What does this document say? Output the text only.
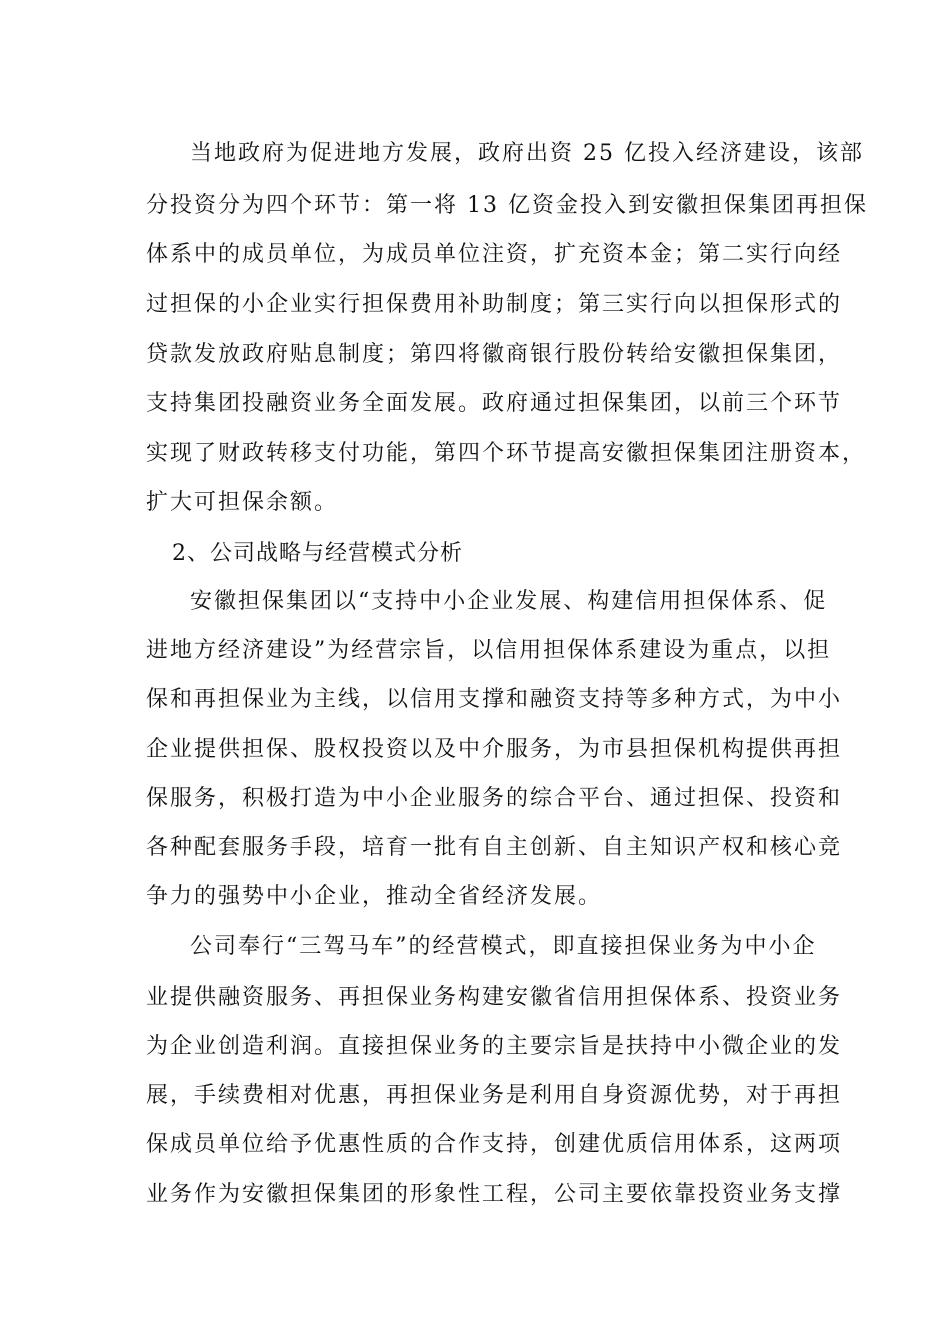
当地政府为促进地方发展，政府出资 25 亿投入经济建设，该部
分投资分为四个环节：第一将 13 亿资金投入到安徽担保集团再担保
体系中的成员单位，为成员单位注资，扩充资本金；第二实行向经
过担保的小企业实行担保费用补助制度；第三实行向以担保形式的
贷款发放政府贴息制度；第四将徽商银行股份转给安徽担保集团，
支持集团投融资业务全面发展。政府通过担保集团，以前三个环节
实现了财政转移支付功能，第四个环节提高安徽担保集团注册资本，
扩大可担保余额。
2、公司战略与经营模式分析
安徽担保集团以“支持中小企业发展、构建信用担保体系、促
进地方经济建设”为经营宗旨，以信用担保体系建设为重点，以担
保和再担保业为主线，以信用支撑和融资支持等多种方式，为中小
企业提供担保、股权投资以及中介服务，为市县担保机构提供再担
保服务，积极打造为中小企业服务的综合平台、通过担保、投资和
各种配套服务手段，培育一批有自主创新、自主知识产权和核心竞
争力的强势中小企业，推动全省经济发展。
公司奉行“三驾马车”的经营模式，即直接担保业务为中小企
业提供融资服务、再担保业务构建安徽省信用担保体系、投资业务
为企业创造利润。直接担保业务的主要宗旨是扶持中小微企业的发
展，手续费相对优惠，再担保业务是利用自身资源优势，对于再担
保成员单位给予优惠性质的合作支持，创建优质信用体系，这两项
业务作为安徽担保集团的形象性工程，公司主要依靠投资业务支撑
